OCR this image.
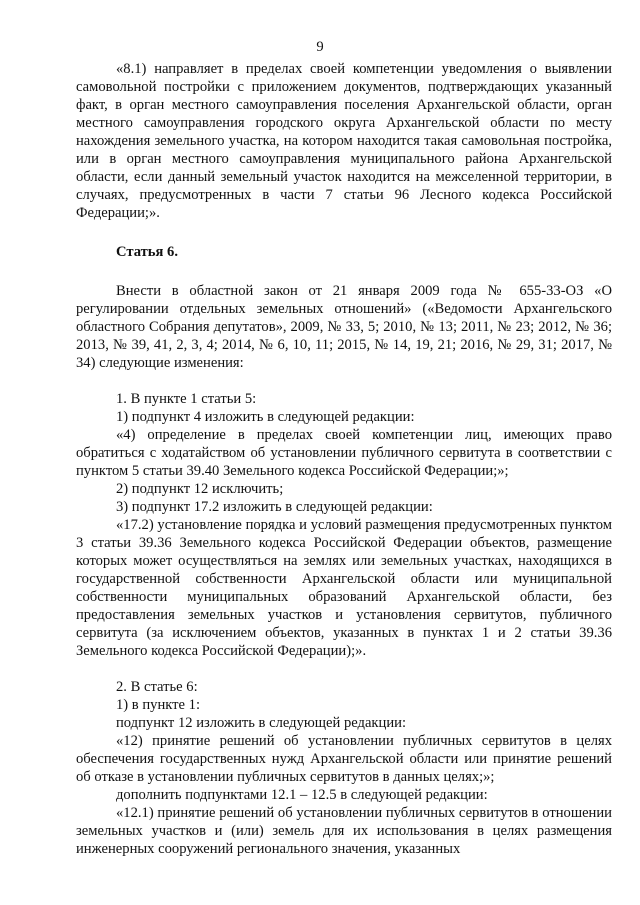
9

«8.1) направляет в пределах своей компетенции уведомления о выявлении самовольной постройки с приложением документов, подтверждающих указанный факт, в орган местного самоуправления поселения Архангельской области, орган местного самоуправления городского округа Архангельской области по месту нахождения земельного участка, на котором находится такая самовольная постройка, или в орган местного самоуправления муниципального района Архангельской области, если данный земельный участок находится на межселенной территории, в случаях, предусмотренных в части 7 статьи 96 Лесного кодекса Российской Федерации;».

Статья 6.

Внести в областной закон от 21 января 2009 года № 655-33-ОЗ «О регулировании отдельных земельных отношений» («Ведомости Архангельского областного Собрания депутатов», 2009, № 33, 5; 2010, № 13; 2011, № 23; 2012, № 36; 2013, № 39, 41, 2, 3, 4; 2014, № 6, 10, 11; 2015, № 14, 19, 21; 2016, № 29, 31; 2017, № 34) следующие изменения:

1. В пункте 1 статьи 5:

1) подпункт 4 изложить в следующей редакции:

«4) определение в пределах своей компетенции лиц, имеющих право обратиться с ходатайством об установлении публичного сервитута в соответствии с пунктом 5 статьи 39.40 Земельного кодекса Российской Федерации;»;

2) подпункт 12 исключить;

3) подпункт 17.2 изложить в следующей редакции:

«17.2) установление порядка и условий размещения предусмотренных пунктом 3 статьи 39.36 Земельного кодекса Российской Федерации объектов, размещение которых может осуществляться на землях или земельных участках, находящихся в государственной собственности Архангельской области или муниципальной собственности муниципальных образований Архангельской области, без предоставления земельных участков и установления сервитутов, публичного сервитута (за исключением объектов, указанных в пунктах 1 и 2 статьи 39.36 Земельного кодекса Российской Федерации);».

2. В статье 6:

1) в пункте 1:

подпункт 12 изложить в следующей редакции:

«12) принятие решений об установлении публичных сервитутов в целях обеспечения государственных нужд Архангельской области или принятие решений об отказе в установлении публичных сервитутов в данных целях;»;

дополнить подпунктами 12.1 – 12.5 в следующей редакции:

«12.1) принятие решений об установлении публичных сервитутов в отношении земельных участков и (или) земель для их использования в целях размещения инженерных сооружений регионального значения, указанных
